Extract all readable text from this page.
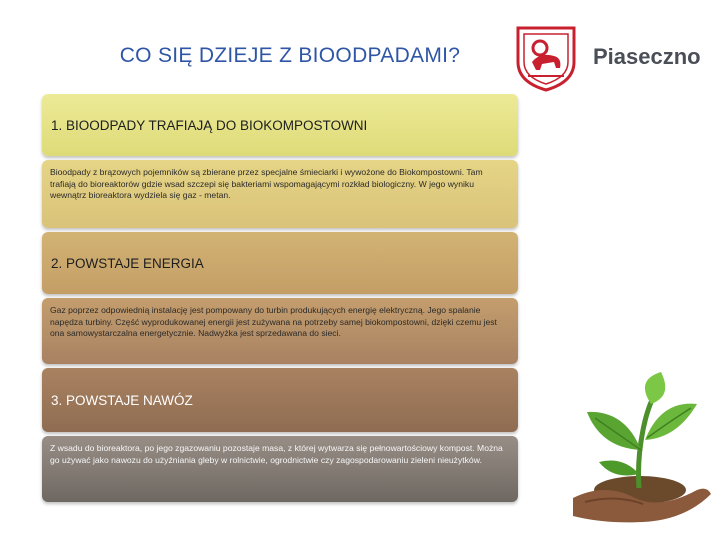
CO SIĘ DZIEJE Z BIOODPADAMI?	Piaseczno
1. BIOODPADY TRAFIAJĄ DO BIOKOMPOSTOWNI
Bioodpady z brązowych pojemników są zbierane przez specjalne śmieciarki i wywożone do Biokompostowni. Tam trafiają do bioreaktorów gdzie wsad szczepi się bakteriami wspomagającymi rozkład biologiczny. W jego wyniku wewnątrz bioreaktora wydziela się gaz - metan.
2. POWSTAJE ENERGIA
Gaz poprzez odpowiednią instalację jest pompowany do turbin produkujących energię elektryczną. Jego spalanie napędza turbiny. Część wyprodukowanej energii jest zużywana na potrzeby samej biokompostowni, dzięki czemu jest ona samowystarczalna energetycznie. Nadwyżka jest sprzedawana do sieci.
3. POWSTAJE NAWÓZ
Z wsadu do bioreaktora, po jego zgazowaniu pozostaje masa, z której wytwarza się pełnowartościowy kompost. Można go używać jako nawozu do użyźniania gleby w rolnictwie, ogrodnictwie czy zagospodarowaniu zieleni nieużytków.
